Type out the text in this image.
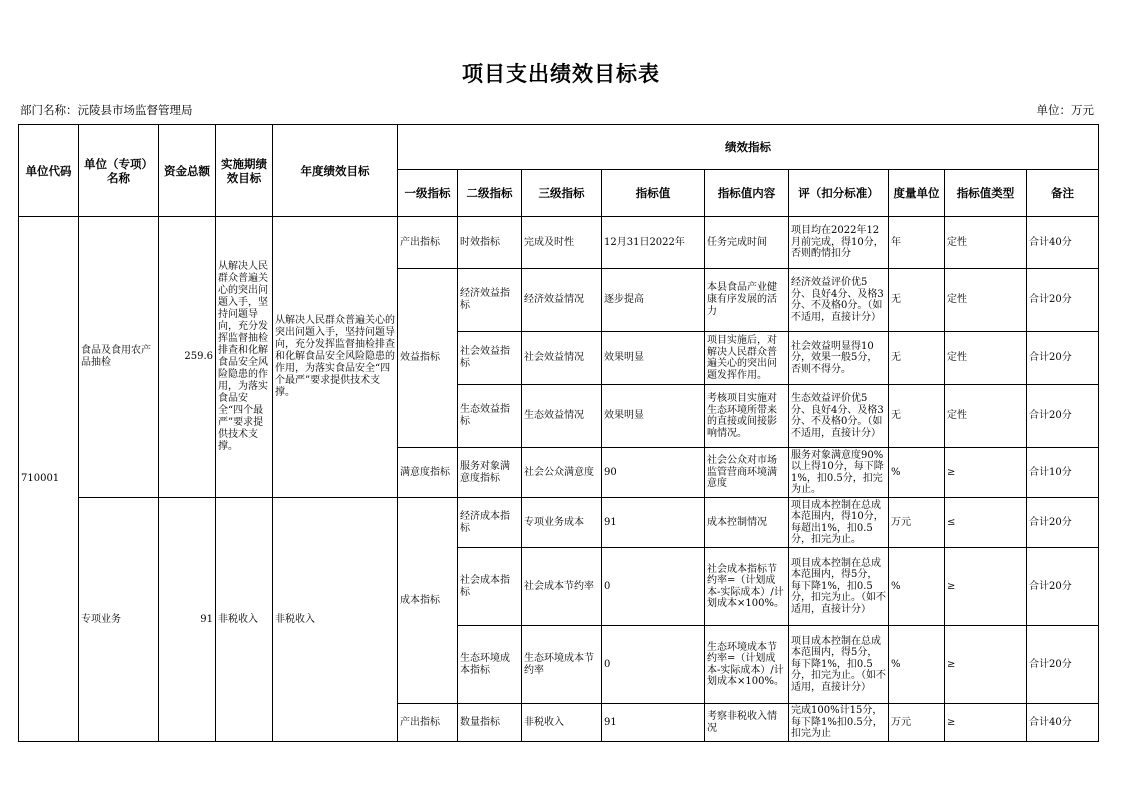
项目支出绩效目标表
部门名称：沅陵县市场监督管理局	单位：万元
单位代码	单位（专项）名称	资金总额	实施期绩效目标	年度绩效目标	绩效指标								
					一级指标	二级指标	三级指标	指标值	指标值内容	评（扣分标准）	度量单位	指标值类型	备注
710001	食品及食用农产品抽检	259.6	从解决人民群众普遍关心的突出问题入手，坚持问题导向，充分发挥监督抽检排查和化解食品安全风险隐患的作用，为落实食品安全“四个最严”要求提供技术支撑。	从解决人民群众普遍关心的突出问题入手，坚持问题导向，充分发挥监督抽检排查和化解食品安全风险隐患的作用，为落实食品安全“四个最严”要求提供技术支撑。	产出指标	时效指标	完成及时性	12月31日2022年	任务完成时间	项目均在2022年12月前完成，得10分，否则酌情扣分	年	定性	合计40分
					效益指标	经济效益指标	经济效益情况	逐步提高	本县食品产业健康有序发展的活力	经济效益评价优5分、良好4分、及格3分、不及格0分。（如不适用，直接计分）	无	定性	合计20分
						社会效益指标	社会效益情况	效果明显	项目实施后，对解决人民群众普遍关心的突出问题发挥作用。	社会效益明显得10分，效果一般5分，否则不得分。	无	定性	合计20分
						生态效益指标	生态效益情况	效果明显	考核项目实施对生态环境所带来的直接或间接影响情况。	生态效益评价优5分、良好4分、及格3分、不及格0分。（如不适用，直接计分）	无	定性	合计20分
					满意度指标	服务对象满意度指标	社会公众满意度	90	社会公众对市场监管营商环境满意度	服务对象满意度90%以上得10分，每下降1%，扣0.5分，扣完为止。	%	≥	合计10分
	专项业务	91	非税收入	非税收入	成本指标	经济成本指标	专项业务成本	91	成本控制情况	项目成本控制在总成本范围内，得10分，每超出1%，扣0.5分，扣完为止。	万元	≤	合计20分
						社会成本指标	社会成本节约率	0	社会成本指标节约率=（计划成本-实际成本）/计划成本×100%。	项目成本控制在总成本范围内，得5分，每下降1%，扣0.5分，扣完为止。（如不适用，直接计分）	%	≥	合计20分
						生态环境成本指标	生态环境成本节约率	0	生态环境成本节约率=（计划成本-实际成本）/计划成本×100%。	项目成本控制在总成本范围内，得5分，每下降1%，扣0.5分，扣完为止。（如不适用，直接计分）	%	≥	合计20分
					产出指标	数量指标	非税收入	91	考察非税收入情况	完成100%计15分，每下降1%扣0.5分，扣完为止	万元	≥	合计40分
